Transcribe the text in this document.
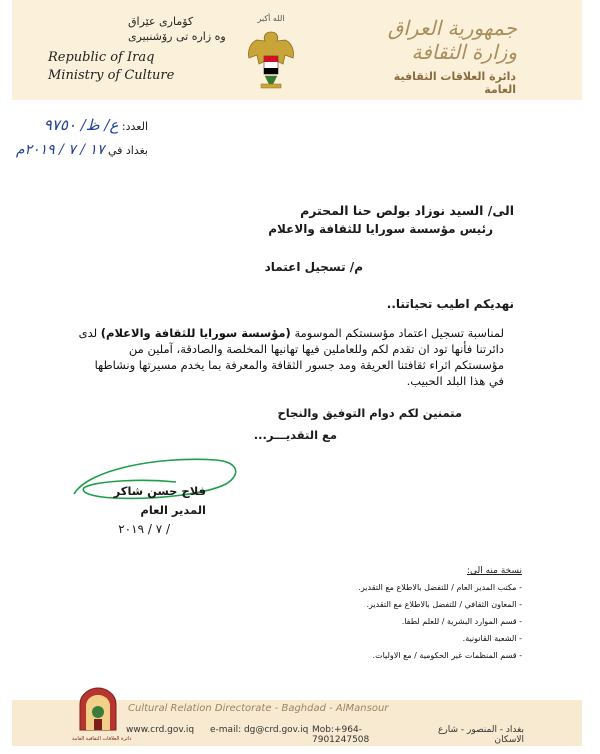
كۆماری عێراق
وه زاره تی رۆشنبیری
Republic of Iraq
Ministry of Culture
الله أكبر	جمهورية العراق
وزارة الثقافة
دائرة العلاقات الثقافية العامة
العدد: ع/ ظ/ ٩٧٥٠
بغداد في ١٧ / ٧ / ٢٠١٩م
الى/ السيد نوزاد بولص حنا المحترم
رئيس مؤسسة سورايا للثقافة والاعلام
م/ تسجيل اعتماد
نهديكم اطيب تحياتنا..
لمناسبة تسجيل اعتماد مؤسستكم الموسومة (مؤسسة سورايا للثقافة والاعلام) لدى دائرتنا فأنها تود ان تقدم لكم وللعاملين فيها تهانيها المخلصة والصادقة، آملين من مؤسستكم اثراء ثقافتنا العريقة ومد جسور الثقافة والمعرفة بما يخدم مسيرتها ونشاطها في هذا البلد الحبيب.
متمنين لكم دوام التوفيق والنجاح
مع التقديـــر...
فلاح حسن شاكر
المدير العام
/ ٧ / ٢٠١٩
نسخة منه الى:
- مكتب المدير العام / للتفضل بالاطلاع مع التقدير.
- المعاون الثقافي / للتفضل بالاطلاع مع التقدير.
- قسم الموارد البشرية / للعلم لطفا.
- الشعبة القانونية.
- قسم المنظمات غير الحكومية / مع الاوليات.
دائرة العلاقات الثقافية العامة
Cultural Relation Directorate - Baghdad - AlMansour
www.crd.gov.iq	e-mail: dg@crd.gov.iq Mob:+964-7901247508
بغداد - المنصور - شارع الاسكان
